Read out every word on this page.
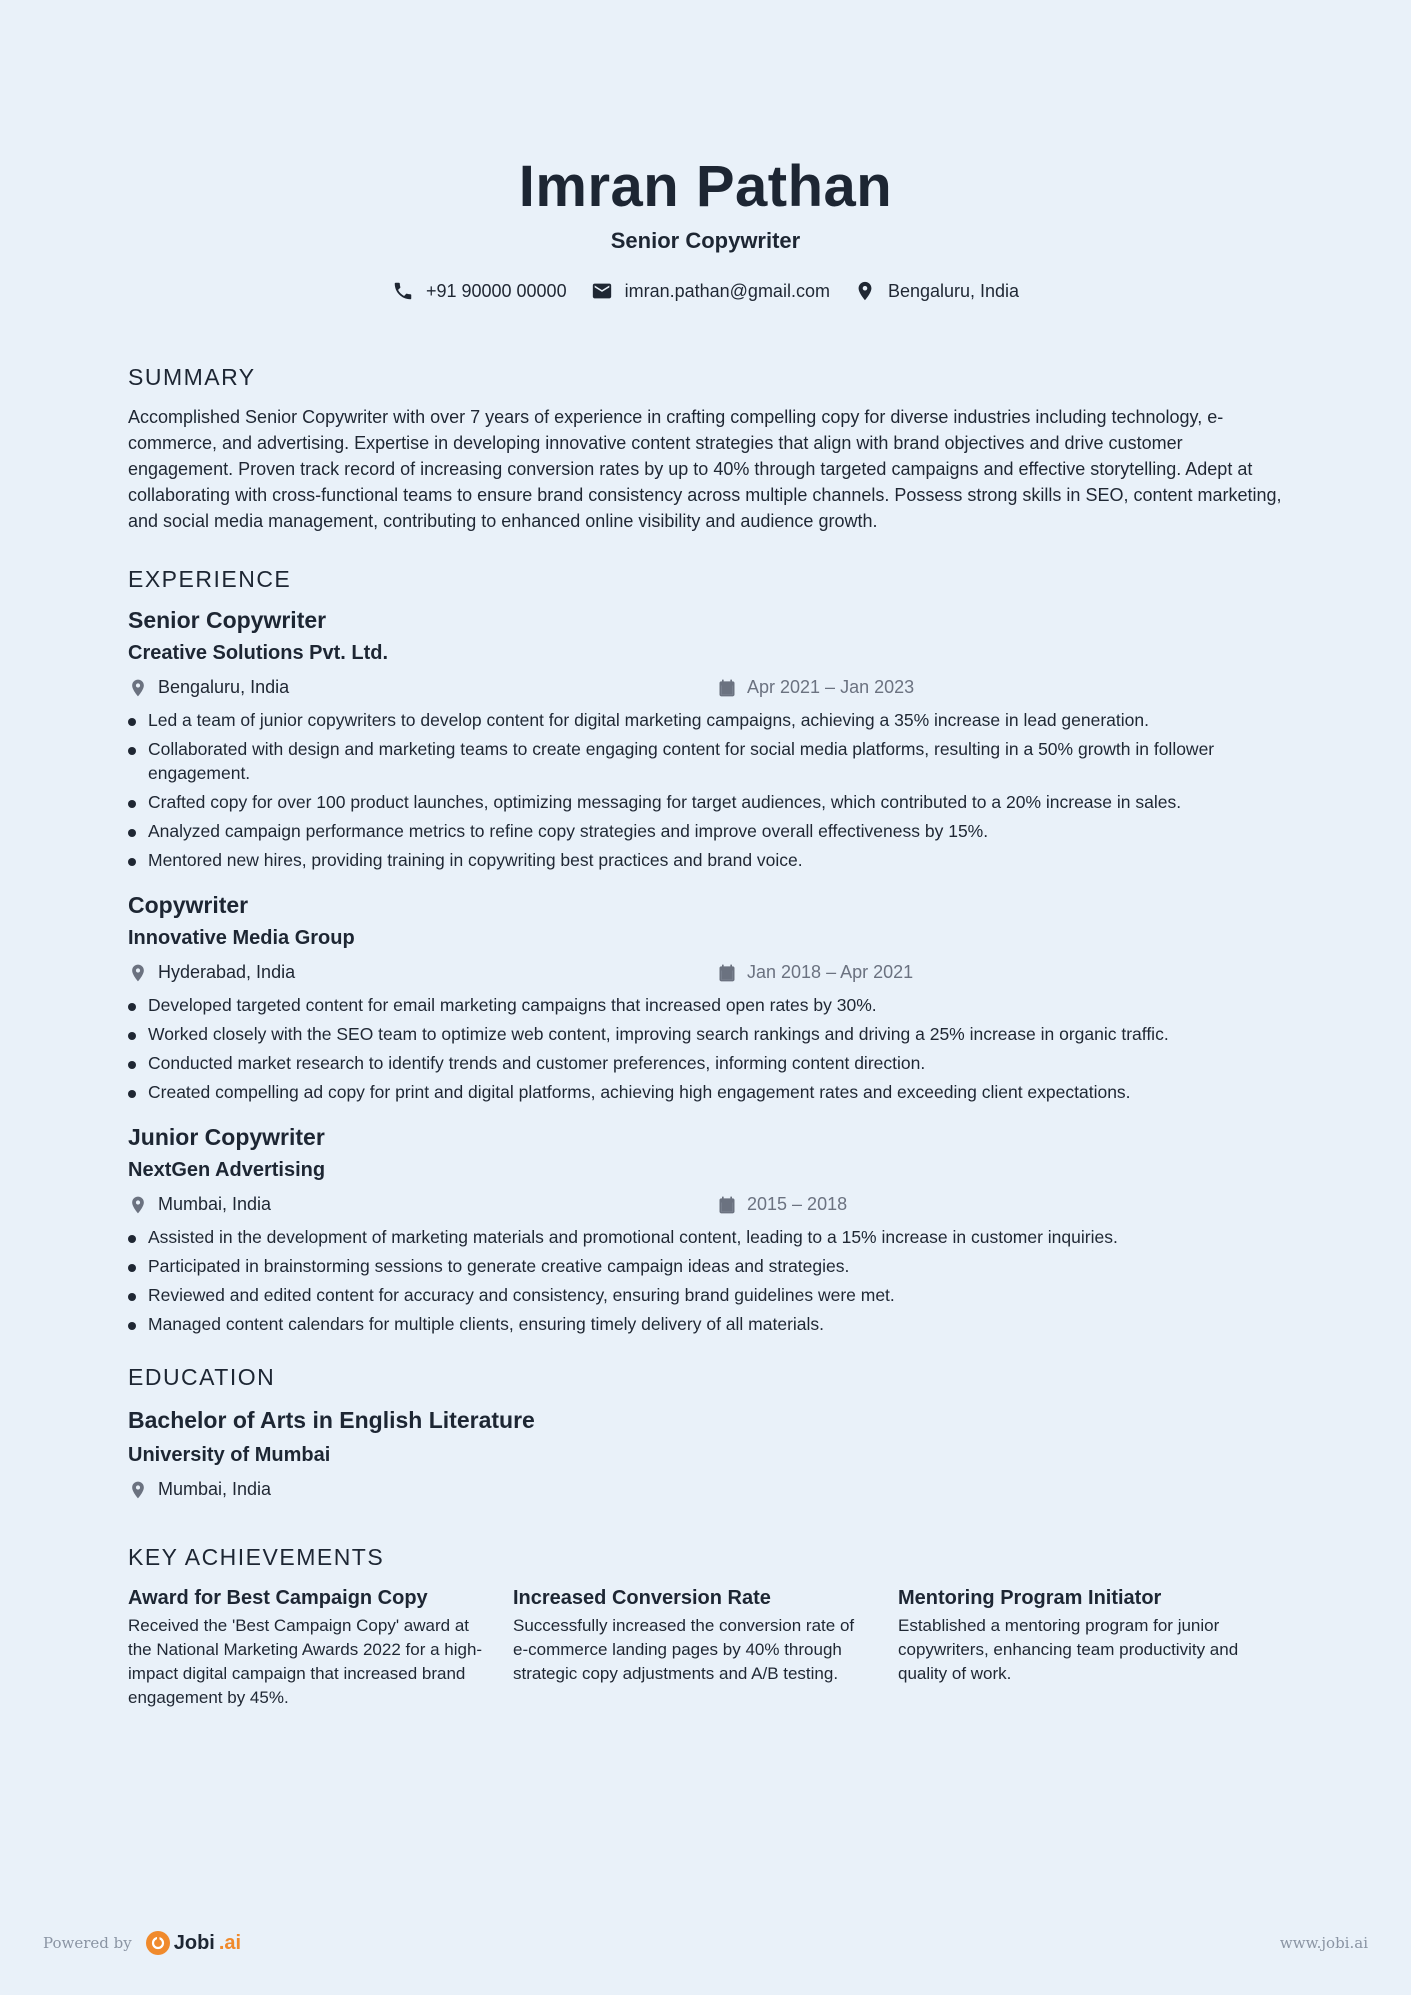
Imran Pathan
Senior Copywriter
+91 90000 00000	imran.pathan@gmail.com	Bengaluru, India
SUMMARY
Accomplished Senior Copywriter with over 7 years of experience in crafting compelling copy for diverse industries including technology, e-commerce, and advertising. Expertise in developing innovative content strategies that align with brand objectives and drive customer engagement. Proven track record of increasing conversion rates by up to 40% through targeted campaigns and effective storytelling. Adept at collaborating with cross-functional teams to ensure brand consistency across multiple channels. Possess strong skills in SEO, content marketing, and social media management, contributing to enhanced online visibility and audience growth.
EXPERIENCE
Senior Copywriter
Creative Solutions Pvt. Ltd.
Bengaluru, India	Apr 2021 – Jan 2023
Led a team of junior copywriters to develop content for digital marketing campaigns, achieving a 35% increase in lead generation.
Collaborated with design and marketing teams to create engaging content for social media platforms, resulting in a 50% growth in follower engagement.
Crafted copy for over 100 product launches, optimizing messaging for target audiences, which contributed to a 20% increase in sales.
Analyzed campaign performance metrics to refine copy strategies and improve overall effectiveness by 15%.
Mentored new hires, providing training in copywriting best practices and brand voice.
Copywriter
Innovative Media Group
Hyderabad, India	Jan 2018 – Apr 2021
Developed targeted content for email marketing campaigns that increased open rates by 30%.
Worked closely with the SEO team to optimize web content, improving search rankings and driving a 25% increase in organic traffic.
Conducted market research to identify trends and customer preferences, informing content direction.
Created compelling ad copy for print and digital platforms, achieving high engagement rates and exceeding client expectations.
Junior Copywriter
NextGen Advertising
Mumbai, India	2015 – 2018
Assisted in the development of marketing materials and promotional content, leading to a 15% increase in customer inquiries.
Participated in brainstorming sessions to generate creative campaign ideas and strategies.
Reviewed and edited content for accuracy and consistency, ensuring brand guidelines were met.
Managed content calendars for multiple clients, ensuring timely delivery of all materials.
EDUCATION
Bachelor of Arts in English Literature
University of Mumbai
Mumbai, India
KEY ACHIEVEMENTS
Award for Best Campaign Copy
Received the 'Best Campaign Copy' award at the National Marketing Awards 2022 for a high-impact digital campaign that increased brand engagement by 45%.
Increased Conversion Rate
Successfully increased the conversion rate of e-commerce landing pages by 40% through strategic copy adjustments and A/B testing.
Mentoring Program Initiator
Established a mentoring program for junior copywriters, enhancing team productivity and quality of work.
Powered by Jobi .ai	www.jobi.ai
